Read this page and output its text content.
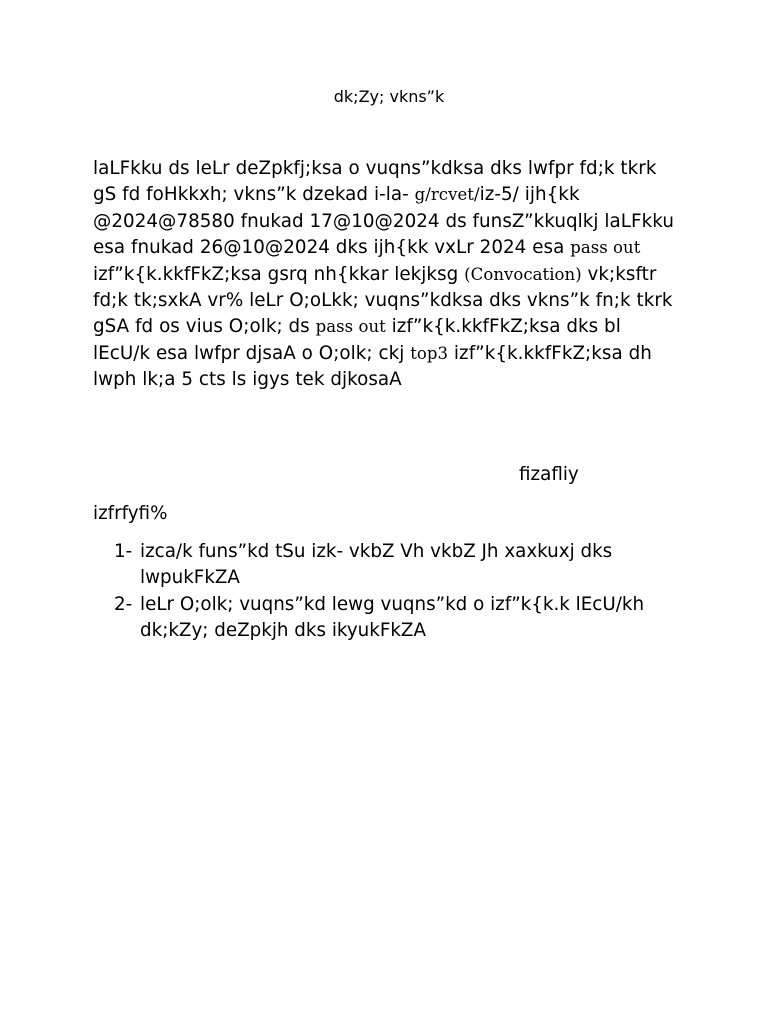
dk;Zy; vkns”k
laLFkku ds leLr deZpkfj;ksa o vuqns”kdksa dks lwfpr fd;k tkrk gS fd foHkkxh; vkns”k dzekad i-la- g/rcvet/iz-5/ ijh{kk @2024@78580 fnukad 17@10@2024 ds funsZ”kkuqlkj laLFkku esa fnukad 26@10@2024 dks ijh{kk vxLr 2024 esa pass out izf”k{k.kkfFkZ;ksa gsrq nh{kkar lekjksg (Convocation) vk;ksftr fd;k tk;sxkA vr% leLr O;oLkk; vuqns”kdksa dks vkns”k fn;k tkrk gSA fd os vius O;olk; ds pass out izf”k{k.kkfFkZ;ksa dks bl lEcU/k esa lwfpr djsaA o O;olk; ckj top3 izf”k{k.kkfFkZ;ksa dh lwph lk;a 5 cts ls igys tek djkosaA
fizafliy
izfrfyfi%
1- izca/k funs”kd tSu izk- vkbZ Vh vkbZ Jh xaxkuxj dks lwpukFkZA
2- leLr O;olk; vuqns”kd lewg vuqns”kd o izf”k{k.k lEcU/kh dk;kZy; deZpkjh dks ikyukFkZA
